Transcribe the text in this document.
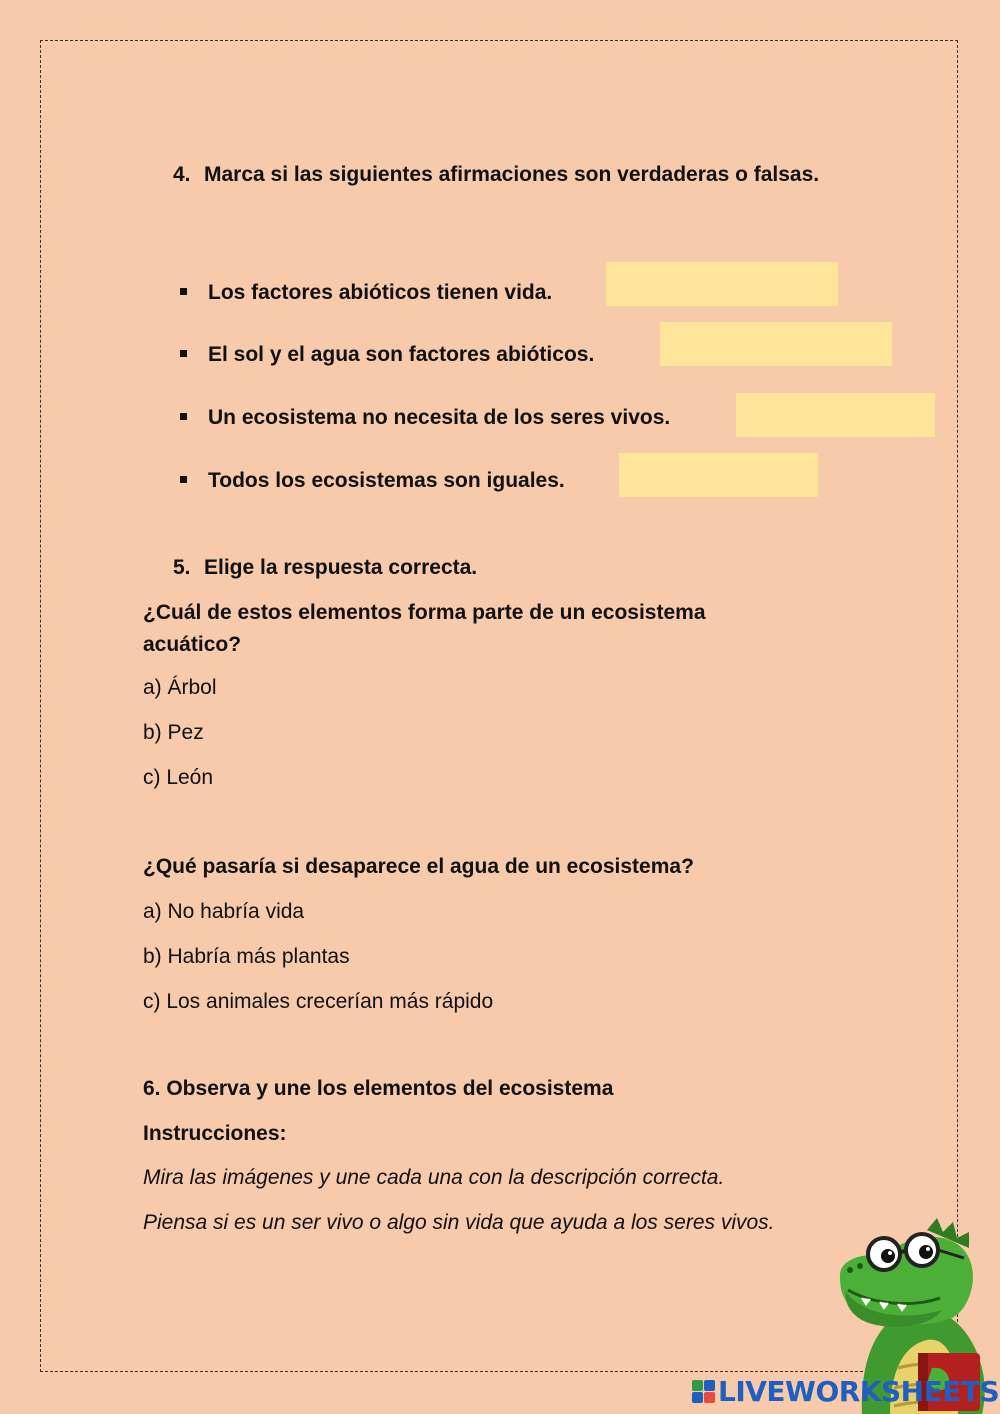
4. Marca si las siguientes afirmaciones son verdaderas o falsas.
Los factores abióticos tienen vida.
El sol y el agua son factores abióticos.
Un ecosistema no necesita de los seres vivos.
Todos los ecosistemas son iguales.
5. Elige la respuesta correcta.
¿Cuál de estos elementos forma parte de un ecosistema acuático?
a) Árbol
b) Pez
c) León
¿Qué pasaría si desaparece el agua de un ecosistema?
a) No habría vida
b) Habría más plantas
c) Los animales crecerían más rápido
6. Observa y une los elementos del ecosistema
Instrucciones:
Mira las imágenes y une cada una con la descripción correcta.
Piensa si es un ser vivo o algo sin vida que ayuda a los seres vivos.
LIVEWORKSHEETS
